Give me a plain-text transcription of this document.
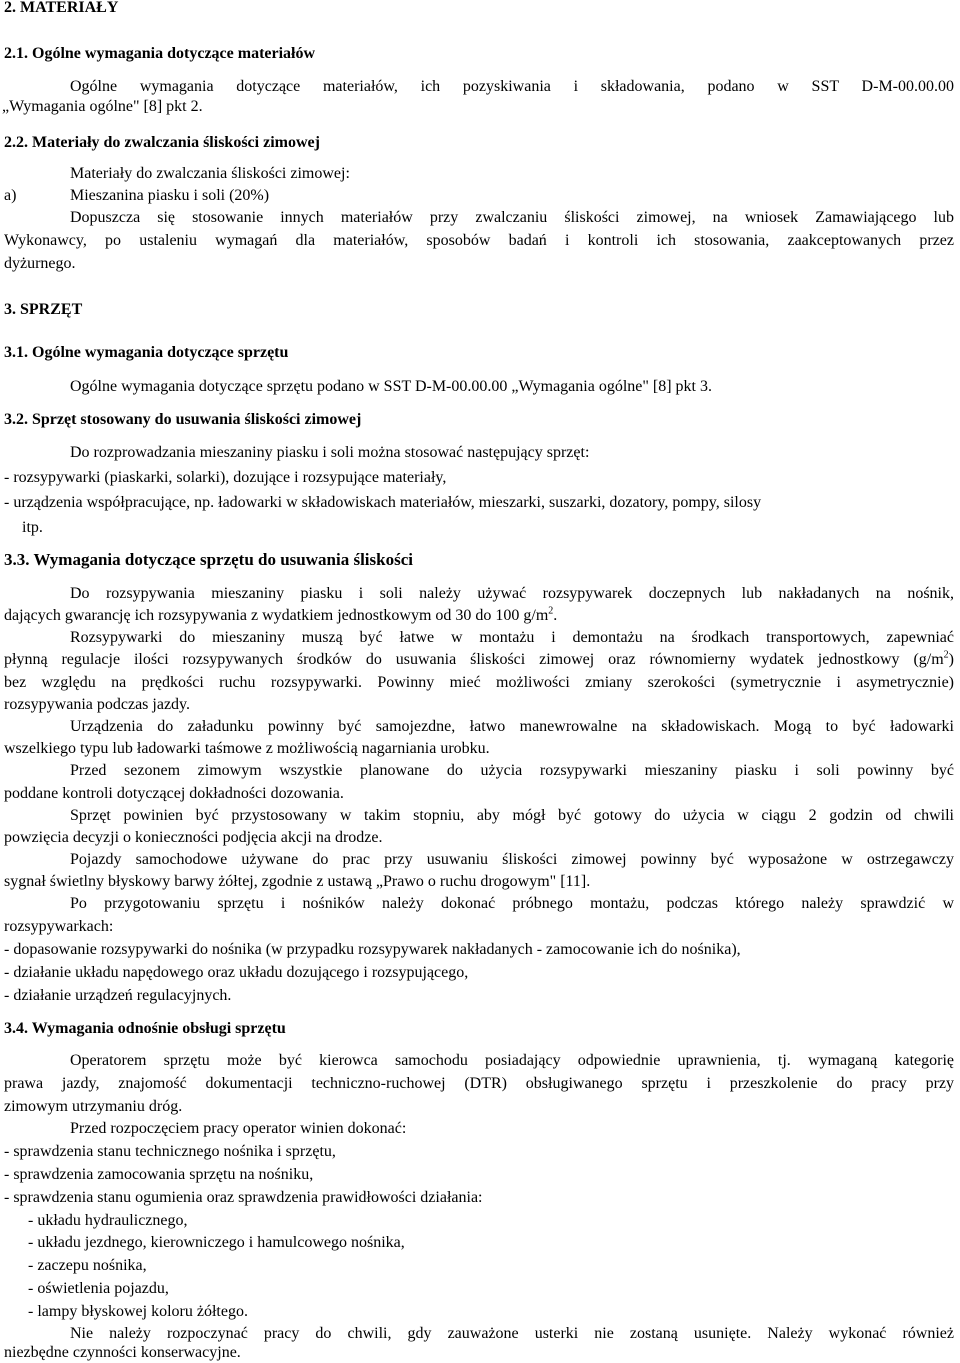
2. MATERIAŁY
2.1. Ogólne wymagania dotyczące materiałów
Ogólne wymagania dotyczące materiałów, ich pozyskiwania i składowania, podano w SST D-M-00.00.00
„Wymagania ogólne" [8] pkt 2.
2.2. Materiały do zwalczania śliskości zimowej
Materiały do zwalczania śliskości zimowej:
a)	Mieszanina piasku i soli (20%)
Dopuszcza się stosowanie innych materiałów przy zwalczaniu śliskości zimowej, na wniosek Zamawiającego lub
Wykonawcy, po ustaleniu wymagań dla materiałów, sposobów badań i kontroli ich stosowania, zaakceptowanych przez
dyżurnego.
3. SPRZĘT
3.1. Ogólne wymagania dotyczące sprzętu
Ogólne wymagania dotyczące sprzętu podano w SST D-M-00.00.00 „Wymagania ogólne" [8] pkt 3.
3.2. Sprzęt stosowany do usuwania śliskości zimowej
Do rozprowadzania mieszaniny piasku i soli można stosować następujący sprzęt:
- rozsypywarki (piaskarki, solarki), dozujące i rozsypujące materiały,
- urządzenia współpracujące, np. ładowarki w składowiskach materiałów, mieszarki, suszarki, dozatory, pompy, silosy
itp.
3.3. Wymagania dotyczące sprzętu do usuwania śliskości
Do rozsypywania mieszaniny piasku i soli należy używać rozsypywarek doczepnych lub nakładanych na nośnik,
dających gwarancję ich rozsypywania z wydatkiem jednostkowym od 30 do 100 $g/m^2$.
Rozsypywarki do mieszaniny muszą być łatwe w montażu i demontażu na środkach transportowych, zapewniać
płynną regulacje ilości rozsypywanych środków do usuwania śliskości zimowej oraz równomierny wydatek jednostkowy $(g/m^2)$
bez względu na prędkości ruchu rozsypywarki. Powinny mieć możliwości zmiany szerokości (symetrycznie i asymetrycznie)
rozsypywania podczas jazdy.
Urządzenia do załadunku powinny być samojezdne, łatwo manewrowalne na składowiskach. Mogą to być ładowarki
wszelkiego typu lub ładowarki taśmowe z możliwością nagarniania urobku.
Przed sezonem zimowym wszystkie planowane do użycia rozsypywarki mieszaniny piasku i soli powinny być
poddane kontroli dotyczącej dokładności dozowania.
Sprzęt powinien być przystosowany w takim stopniu, aby mógł być gotowy do użycia w ciągu 2 godzin od chwili
powzięcia decyzji o konieczności podjęcia akcji na drodze.
Pojazdy samochodowe używane do prac przy usuwaniu śliskości zimowej powinny być wyposażone w ostrzegawczy
sygnał świetlny błyskowy barwy żółtej, zgodnie z ustawą „Prawo o ruchu drogowym" [11].
Po przygotowaniu sprzętu i nośników należy dokonać próbnego montażu, podczas którego należy sprawdzić w
rozsypywarkach:
- dopasowanie rozsypywarki do nośnika (w przypadku rozsypywarek nakładanych - zamocowanie ich do nośnika),
- działanie układu napędowego oraz układu dozującego i rozsypującego,
- działanie urządzeń regulacyjnych.
3.4. Wymagania odnośnie obsługi sprzętu
Operatorem sprzętu może być kierowca samochodu posiadający odpowiednie uprawnienia, tj. wymaganą kategorię
prawa jazdy, znajomość dokumentacji techniczno-ruchowej (DTR) obsługiwanego sprzętu i przeszkolenie do pracy przy
zimowym utrzymaniu dróg.
Przed rozpoczęciem pracy operator winien dokonać:
- sprawdzenia stanu technicznego nośnika i sprzętu,
- sprawdzenia zamocowania sprzętu na nośniku,
- sprawdzenia stanu ogumienia oraz sprawdzenia prawidłowości działania:
- układu hydraulicznego,
- układu jezdnego, kierowniczego i hamulcowego nośnika,
- zaczepu nośnika,
- oświetlenia pojazdu,
- lampy błyskowej koloru żółtego.
Nie należy rozpoczynać pracy do chwili, gdy zauważone usterki nie zostaną usunięte. Należy wykonać również
niezbędne czynności konserwacyjne.
